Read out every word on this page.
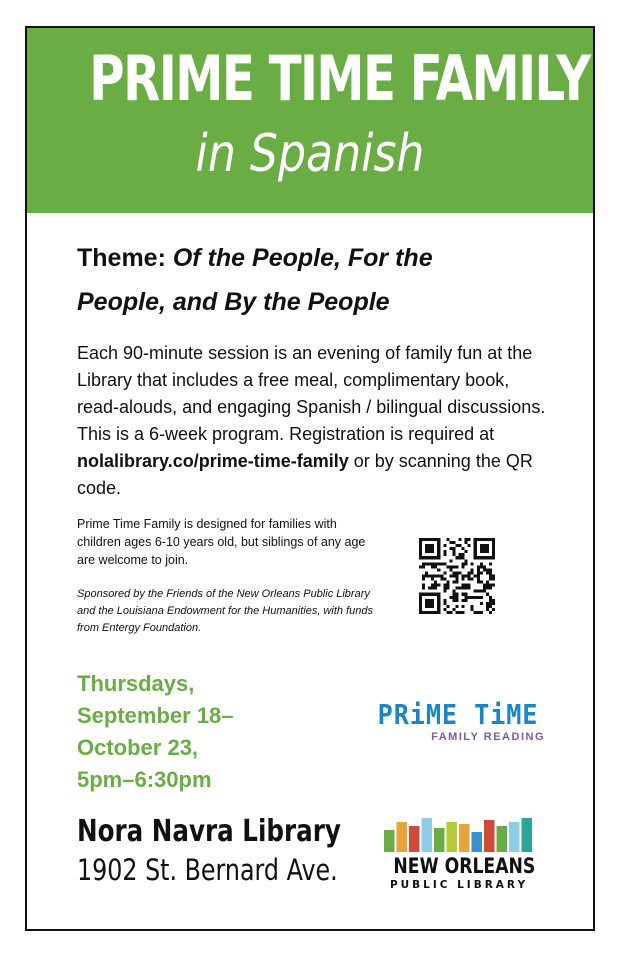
PRIME TIME FAMILY
in Spanish
Theme: Of the People, For the
People, and By the People
Each 90-minute session is an evening of family fun at the Library that includes a free meal, complimentary book, read-alouds, and engaging Spanish / bilingual discussions. This is a 6-week program. Registration is required at nolalibrary.co/prime-time-family or by scanning the QR code.
Prime Time Family is designed for families with children ages 6-10 years old, but siblings of any age are welcome to join.
Sponsored by the Friends of the New Orleans Public Library and the Louisiana Endowment for the Humanities, with funds from Entergy Foundation.
Thursdays,
September 18–
October 23,
5pm–6:30pm
Nora Navra Library
1902 St. Bernard Ave.
PRiME TiME
FAMILY READING
NEW ORLEANS
PUBLIC LIBRARY
